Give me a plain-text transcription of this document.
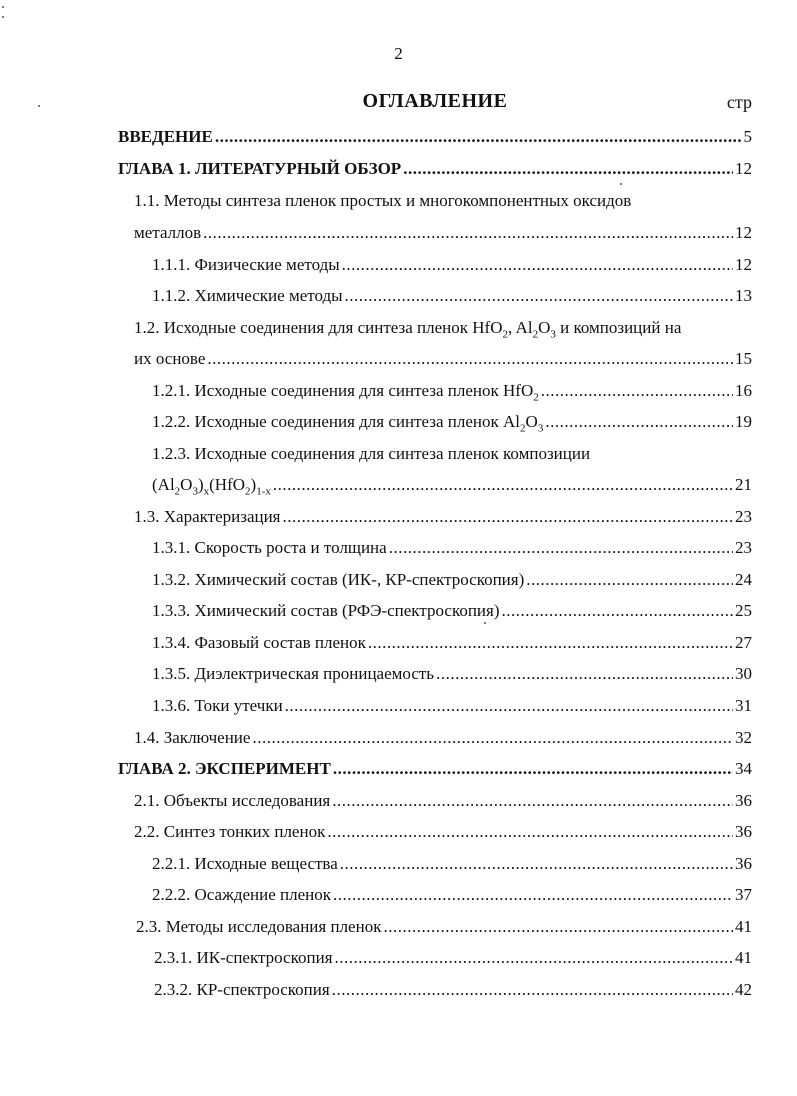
2
ОГЛАВЛЕНИЕ	стр
ВВЕДЕНИЕ .....	5
ГЛАВА 1. ЛИТЕРАТУРНЫЙ ОБЗОР .....	12
1.1. Методы синтеза пленок простых и многокомпонентных оксидов
металлов .....	12
1.1.1. Физические методы .....	12
1.1.2. Химические методы .....	13
1.2. Исходные соединения для синтеза пленок HfO$_2$, $Al_2O_3$ и композиций на
их основе .....	15
1.2.1. Исходные соединения для синтеза пленок HfO$_2$ .....	16
1.2.2. Исходные соединения для синтеза пленок $Al_2O_3$ .....	19
1.2.3. Исходные соединения для синтеза пленок композиции
$(Al_2O_3)_x(HfO_2)_{1-x}$ .....	21
1.3. Характеризация .....	23
1.3.1. Скорость роста и толщина .....	23
1.3.2. Химический состав (ИК-, КР-спектроскопия) .....	24
1.3.3. Химический состав (РФЭ-спектроскопия) .....	25
1.3.4. Фазовый состав пленок .....	27
1.3.5. Диэлектрическая проницаемость .....	30
1.3.6. Токи утечки .....	31
1.4. Заключение .....	32
ГЛАВА 2. ЭКСПЕРИМЕНТ .....	34
2.1. Объекты исследования .....	36
2.2. Синтез тонких пленок .....	36
2.2.1. Исходные вещества .....	36
2.2.2. Осаждение пленок .....	37
2.3. Методы исследования пленок .....	41
2.3.1. ИК-спектроскопия .....	41
2.3.2. КР-спектроскопия .....	42
